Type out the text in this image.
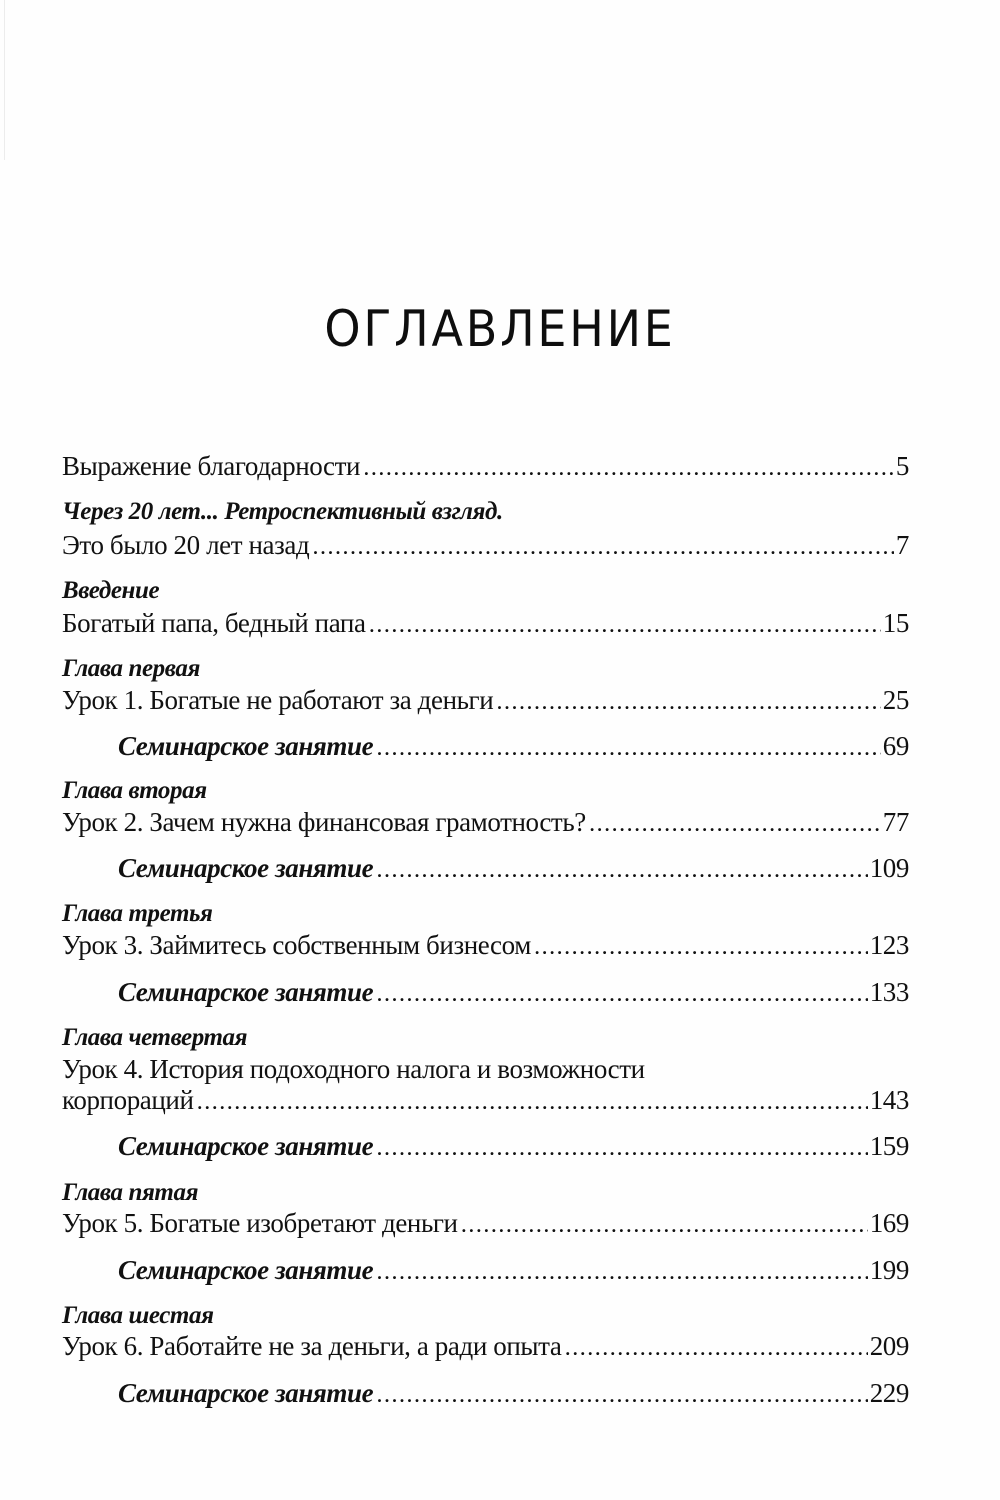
ОГЛАВЛЕНИЕ
Выражение благодарности .....	5
Через 20 лет... Ретроспективный взгляд.
Это было 20 лет назад .....	7
Введение
Богатый папа, бедный папа .....	15
Глава первая
Урок 1. Богатые не работают за деньги .....	25
Семинарское занятие .....	69
Глава вторая
Урок 2. Зачем нужна финансовая грамотность? .....	77
Семинарское занятие .....	109
Глава третья
Урок 3. Займитесь собственным бизнесом .....	123
Семинарское занятие .....	133
Глава четвертая
Урок 4. История подоходного налога и возможности
корпораций .....	143
Семинарское занятие .....	159
Глава пятая
Урок 5. Богатые изобретают деньги .....	169
Семинарское занятие .....	199
Глава шестая
Урок 6. Работайте не за деньги, а ради опыта .....	209
Семинарское занятие .....	229
